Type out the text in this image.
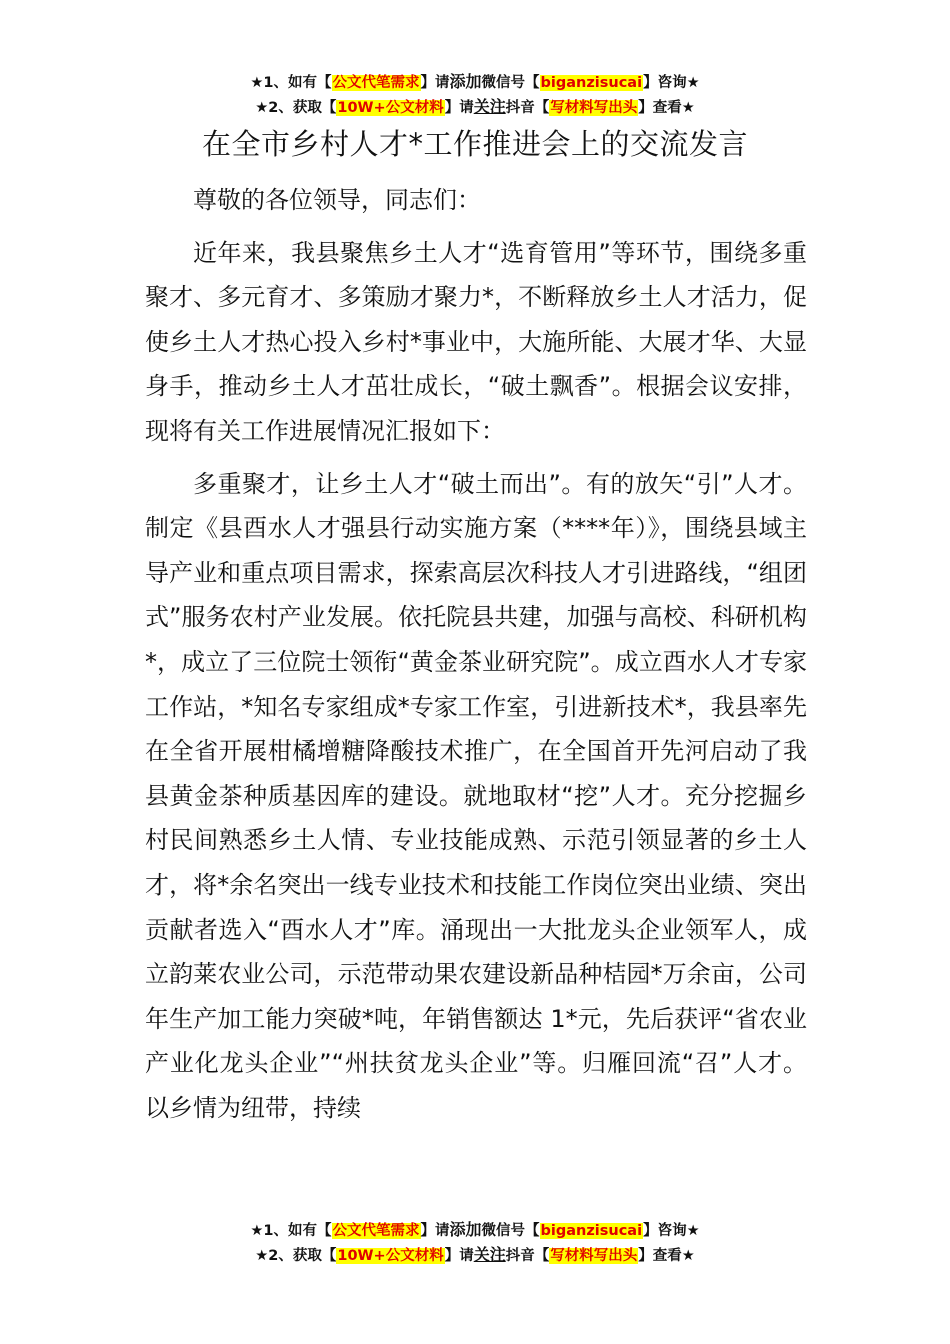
★1、如有【公文代笔需求】请添加微信号【biganzisucai】咨询★
★2、获取【10W+公文材料】请关注抖音【写材料写出头】查看★
在全市乡村人才*工作推进会上的交流发言

尊敬的各位领导，同志们：

近年来，我县聚焦乡土人才“选育管用”等环节，围绕多重聚才、多元育才、多策励才聚力*，不断释放乡土人才活力，促使乡土人才热心投入乡村*事业中，大施所能、大展才华、大显身手，推动乡土人才茁壮成长，“破土飘香”。根据会议安排，现将有关工作进展情况汇报如下：

多重聚才，让乡土人才“破土而出”。有的放矢“引”人才。制定《县酉水人才强县行动实施方案（****年）》，围绕县域主导产业和重点项目需求，探索高层次科技人才引进路线，“组团式”服务农村产业发展。依托院县共建，加强与高校、科研机构*，成立了三位院士领衔“黄金茶业研究院”。成立酉水人才专家工作站，*知名专家组成*专家工作室，引进新技术*，我县率先在全省开展柑橘增糖降酸技术推广，在全国首开先河启动了我县黄金茶种质基因库的建设。就地取材“挖”人才。充分挖掘乡村民间熟悉乡土人情、专业技能成熟、示范引领显著的乡土人才，将*余名突出一线专业技术和技能工作岗位突出业绩、突出贡献者选入“酉水人才”库。涌现出一大批龙头企业领军人，成立韵莱农业公司，示范带动果农建设新品种桔园*万余亩，公司年生产加工能力突破*吨，年销售额达 1*元，先后获评“省农业产业化龙头企业”“州扶贫龙头企业”等。归雁回流“召”人才。以乡情为纽带，持续

★1、如有【公文代笔需求】请添加微信号【biganzisucai】咨询★
★2、获取【10W+公文材料】请关注抖音【写材料写出头】查看★
